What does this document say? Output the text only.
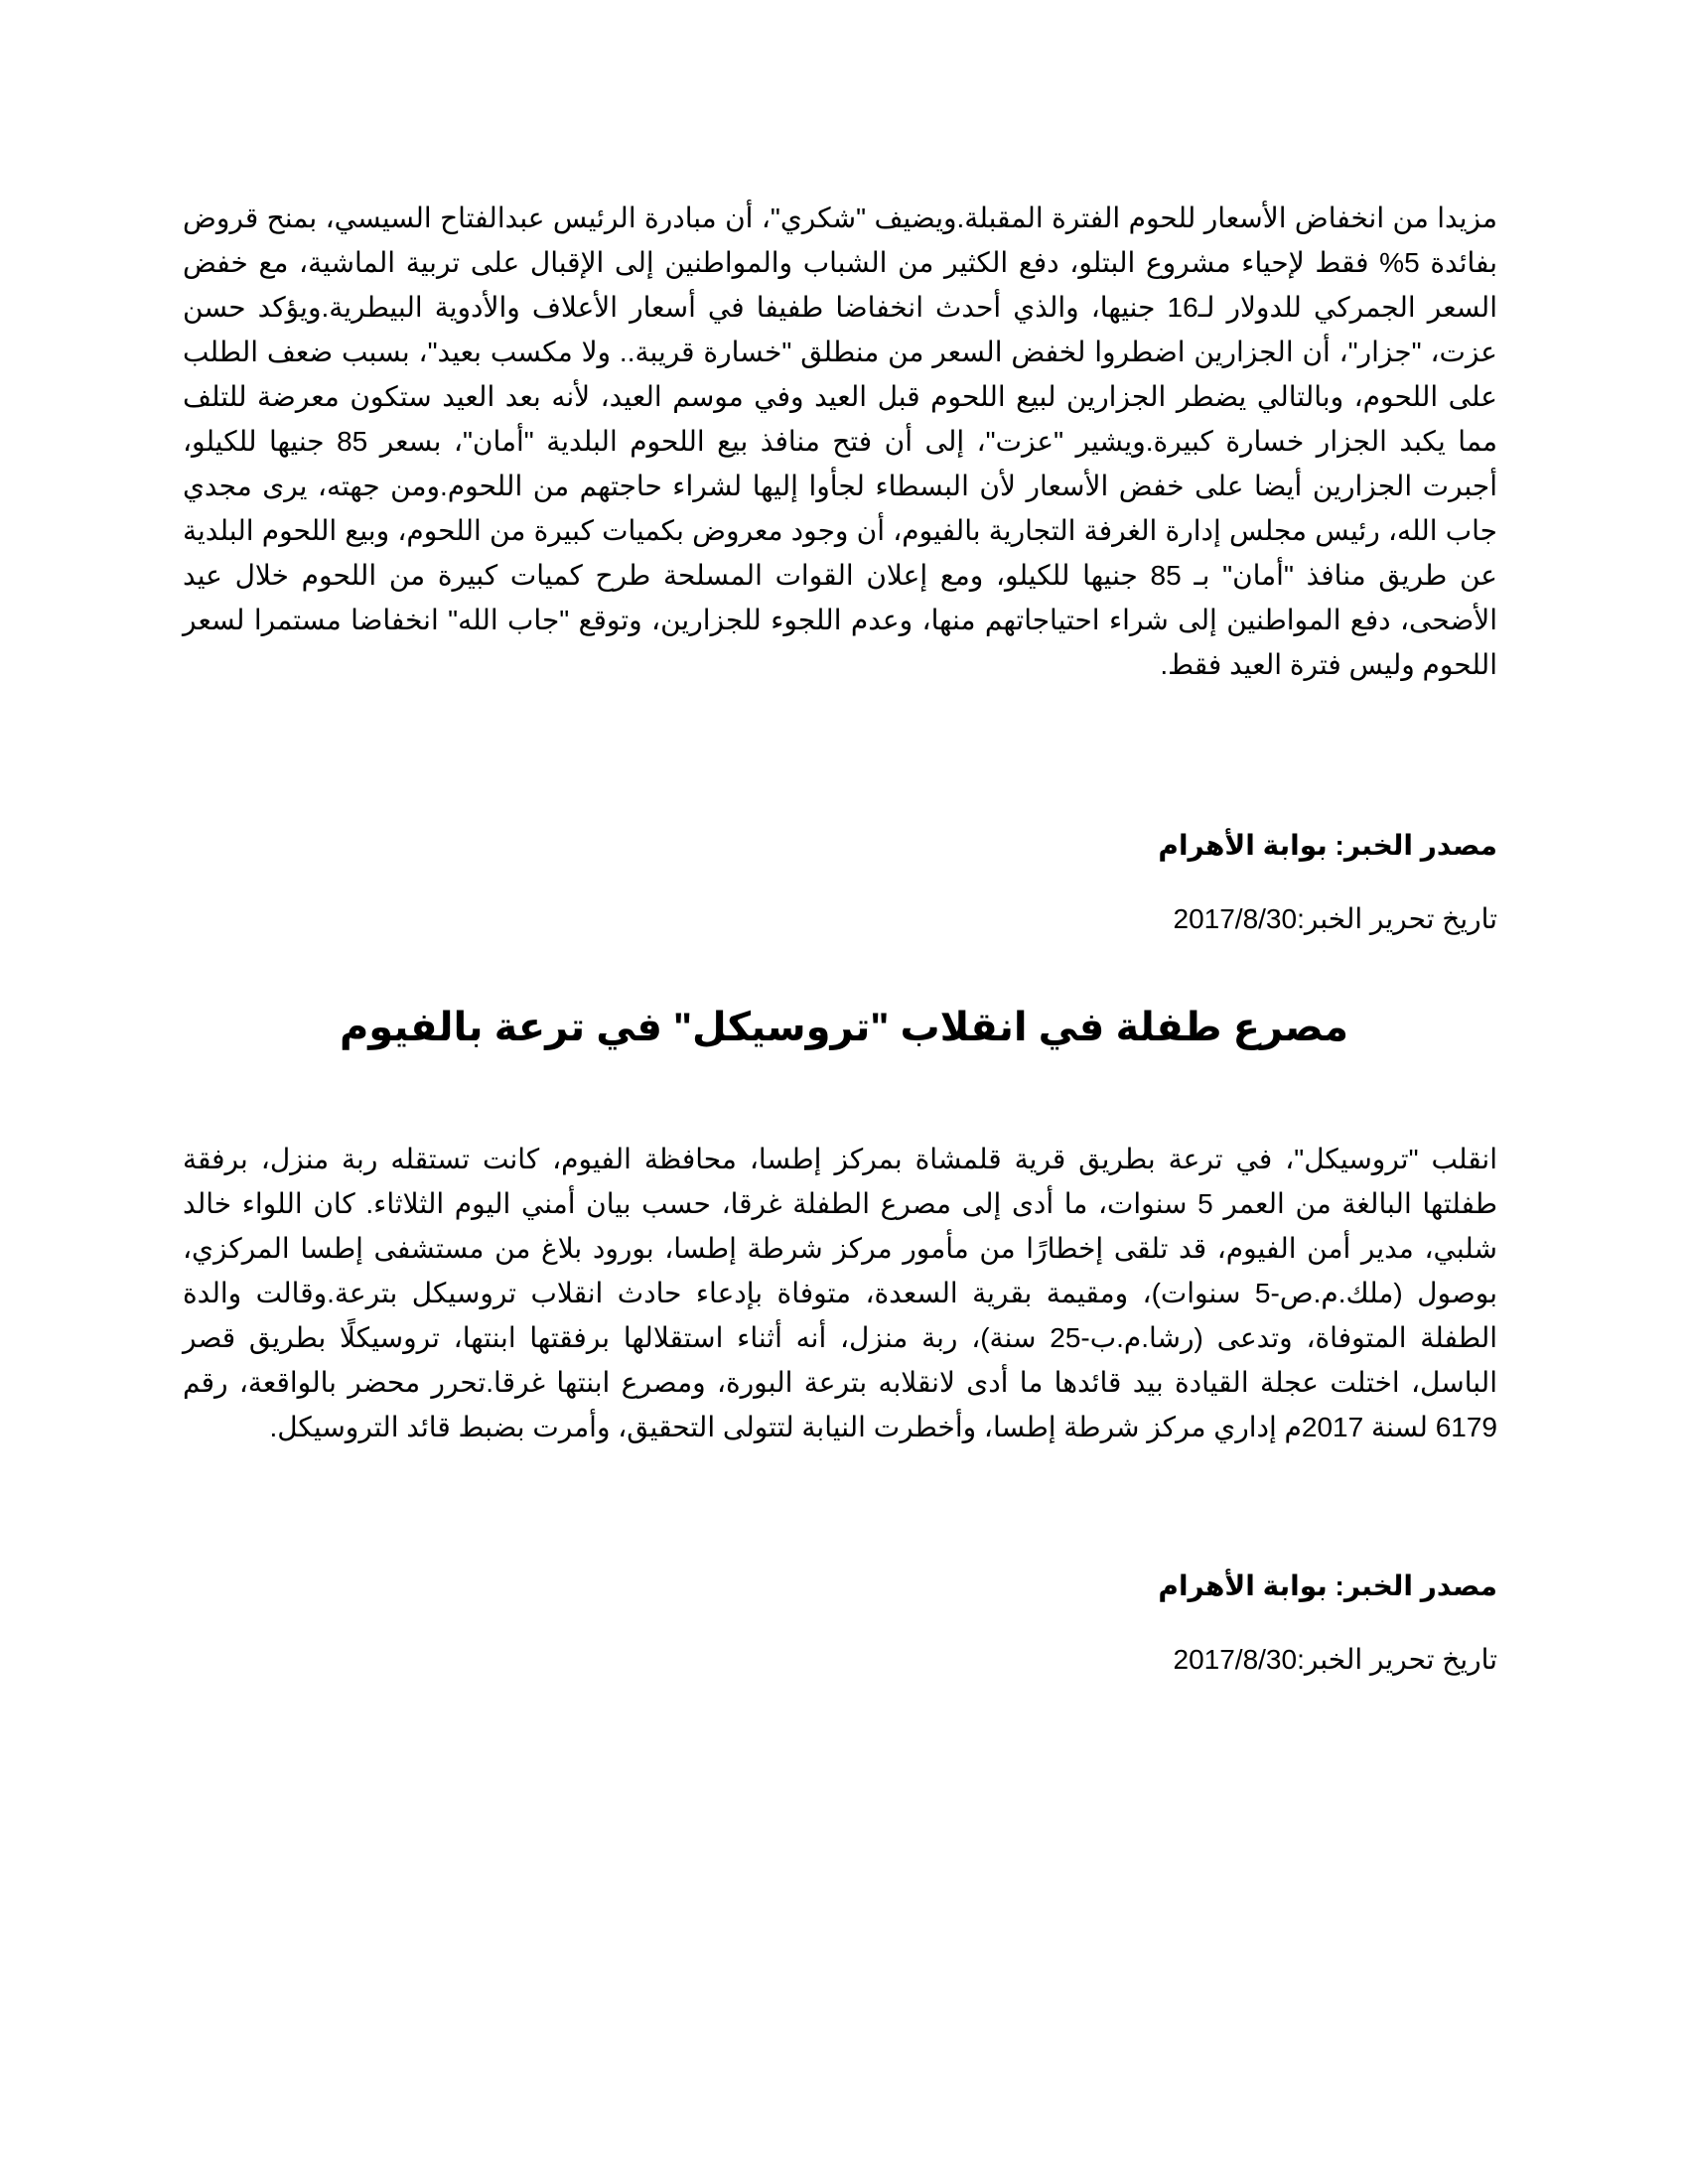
مزيدا من انخفاض الأسعار للحوم الفترة المقبلة.ويضيف "شكري"، أن مبادرة الرئيس عبدالفتاح السيسي، بمنح قروض بفائدة 5% فقط لإحياء مشروع البتلو، دفع الكثير من الشباب والمواطنين إلى الإقبال على تربية الماشية، مع خفض السعر الجمركي للدولار لـ16 جنيها، والذي أحدث انخفاضا طفيفا في أسعار الأعلاف والأدوية البيطرية.ويؤكد حسن عزت، "جزار"، أن الجزارين اضطروا لخفض السعر من منطلق "خسارة قريبة.. ولا مكسب بعيد"، بسبب ضعف الطلب على اللحوم، وبالتالي يضطر الجزارين لبيع اللحوم قبل العيد وفي موسم العيد، لأنه بعد العيد ستكون معرضة للتلف مما يكبد الجزار خسارة كبيرة.ويشير "عزت"، إلى أن فتح منافذ بيع اللحوم البلدية "أمان"، بسعر 85 جنيها للكيلو، أجبرت الجزارين أيضا على خفض الأسعار لأن البسطاء لجأوا إليها لشراء حاجتهم من اللحوم.ومن جهته، يرى مجدي جاب الله، رئيس مجلس إدارة الغرفة التجارية بالفيوم، أن وجود معروض بكميات كبيرة من اللحوم، وبيع اللحوم البلدية عن طريق منافذ "أمان" بـ 85 جنيها للكيلو، ومع إعلان القوات المسلحة طرح كميات كبيرة من اللحوم خلال عيد الأضحى، دفع المواطنين إلى شراء احتياجاتهم منها، وعدم اللجوء للجزارين، وتوقع "جاب الله" انخفاضا مستمرا لسعر اللحوم وليس فترة العيد فقط.

مصدر الخبر: بوابة الأهرام
تاريخ تحرير الخبر:2017/8/30
مصرع طفلة في انقلاب "تروسيكل" في ترعة بالفيوم

انقلب "تروسيكل"، في ترعة بطريق قرية قلمشاة بمركز إطسا، محافظة الفيوم، كانت تستقله ربة منزل، برفقة طفلتها البالغة من العمر 5 سنوات، ما أدى إلى مصرع الطفلة غرقا، حسب بيان أمني اليوم الثلاثاء. كان اللواء خالد شلبي، مدير أمن الفيوم، قد تلقى إخطارًا من مأمور مركز شرطة إطسا، بورود بلاغ من مستشفى إطسا المركزي، بوصول (ملك.م.ص-5 سنوات)، ومقيمة بقرية السعدة، متوفاة بإدعاء حادث انقلاب تروسيكل بترعة.وقالت والدة الطفلة المتوفاة، وتدعى (رشا.م.ب-25 سنة)، ربة منزل، أنه أثناء استقلالها برفقتها ابنتها، تروسيكلًا بطريق قصر الباسل، اختلت عجلة القيادة بيد قائدها ما أدى لانقلابه بترعة البورة، ومصرع ابنتها غرقا.تحرر محضر بالواقعة، رقم 6179 لسنة 2017م إداري مركز شرطة إطسا، وأخطرت النيابة لتتولى التحقيق، وأمرت بضبط قائد التروسيكل.

مصدر الخبر: بوابة الأهرام
تاريخ تحرير الخبر:2017/8/30
